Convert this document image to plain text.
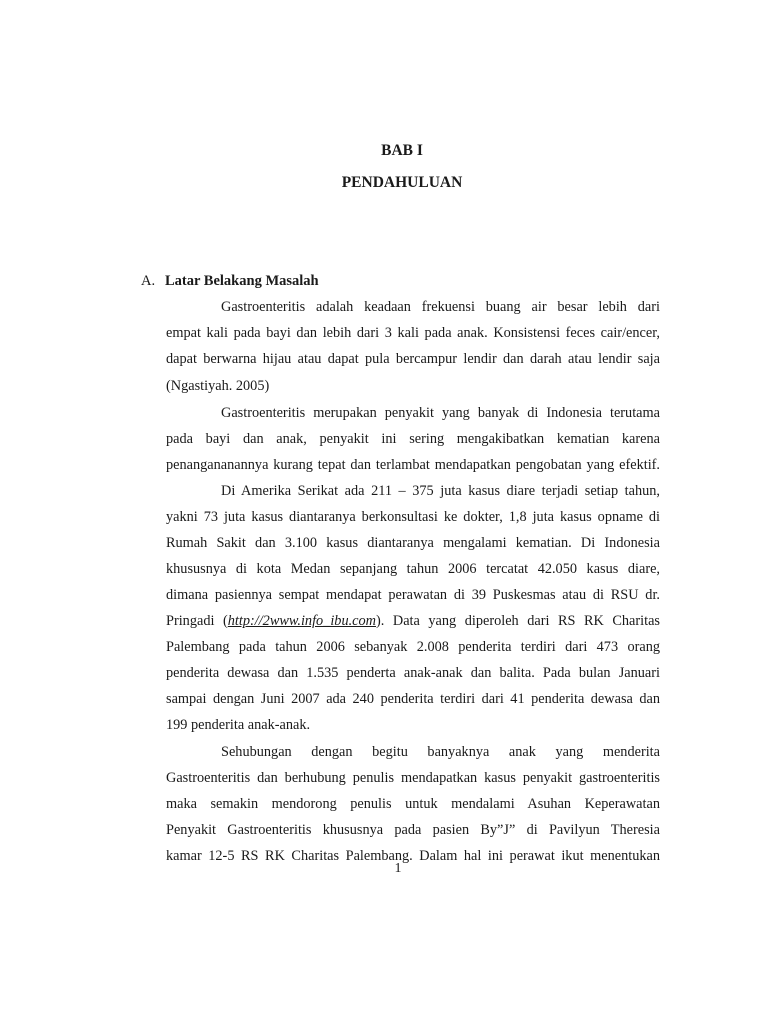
BAB I
PENDAHULUAN
A. Latar Belakang Masalah
Gastroenteritis adalah keadaan frekuensi buang air besar lebih dari
empat kali pada bayi dan lebih dari 3 kali pada anak. Konsistensi feces cair/encer,
dapat berwarna hijau atau dapat pula bercampur lendir dan darah atau lendir saja
(Ngastiyah. 2005)
Gastroenteritis merupakan penyakit yang banyak di Indonesia terutama
pada bayi dan anak, penyakit ini sering mengakibatkan kematian karena
penangananannya kurang tepat dan terlambat mendapatkan pengobatan yang efektif.
Di Amerika Serikat ada 211 – 375 juta kasus diare terjadi setiap tahun,
yakni 73 juta kasus diantaranya berkonsultasi ke dokter, 1,8 juta kasus opname di
Rumah Sakit dan 3.100 kasus diantaranya mengalami kematian. Di Indonesia
khususnya di kota Medan sepanjang tahun 2006 tercatat 42.050 kasus diare,
dimana pasiennya sempat mendapat perawatan di 39 Puskesmas atau di RSU dr.
Pringadi (http://2www.info_ibu.com). Data yang diperoleh dari RS RK Charitas
Palembang pada tahun 2006 sebanyak 2.008 penderita terdiri dari 473 orang
penderita dewasa dan 1.535 penderta anak-anak dan balita. Pada bulan Januari
sampai dengan Juni 2007 ada 240 penderita terdiri dari 41 penderita dewasa dan
199 penderita anak-anak.
Sehubungan dengan begitu banyaknya anak yang menderita
Gastroenteritis dan berhubung penulis mendapatkan kasus penyakit gastroenteritis
maka semakin mendorong penulis untuk mendalami Asuhan Keperawatan
Penyakit Gastroenteritis khususnya pada pasien By”J” di Pavilyun Theresia
kamar 12-5 RS RK Charitas Palembang. Dalam hal ini perawat ikut menentukan
1
